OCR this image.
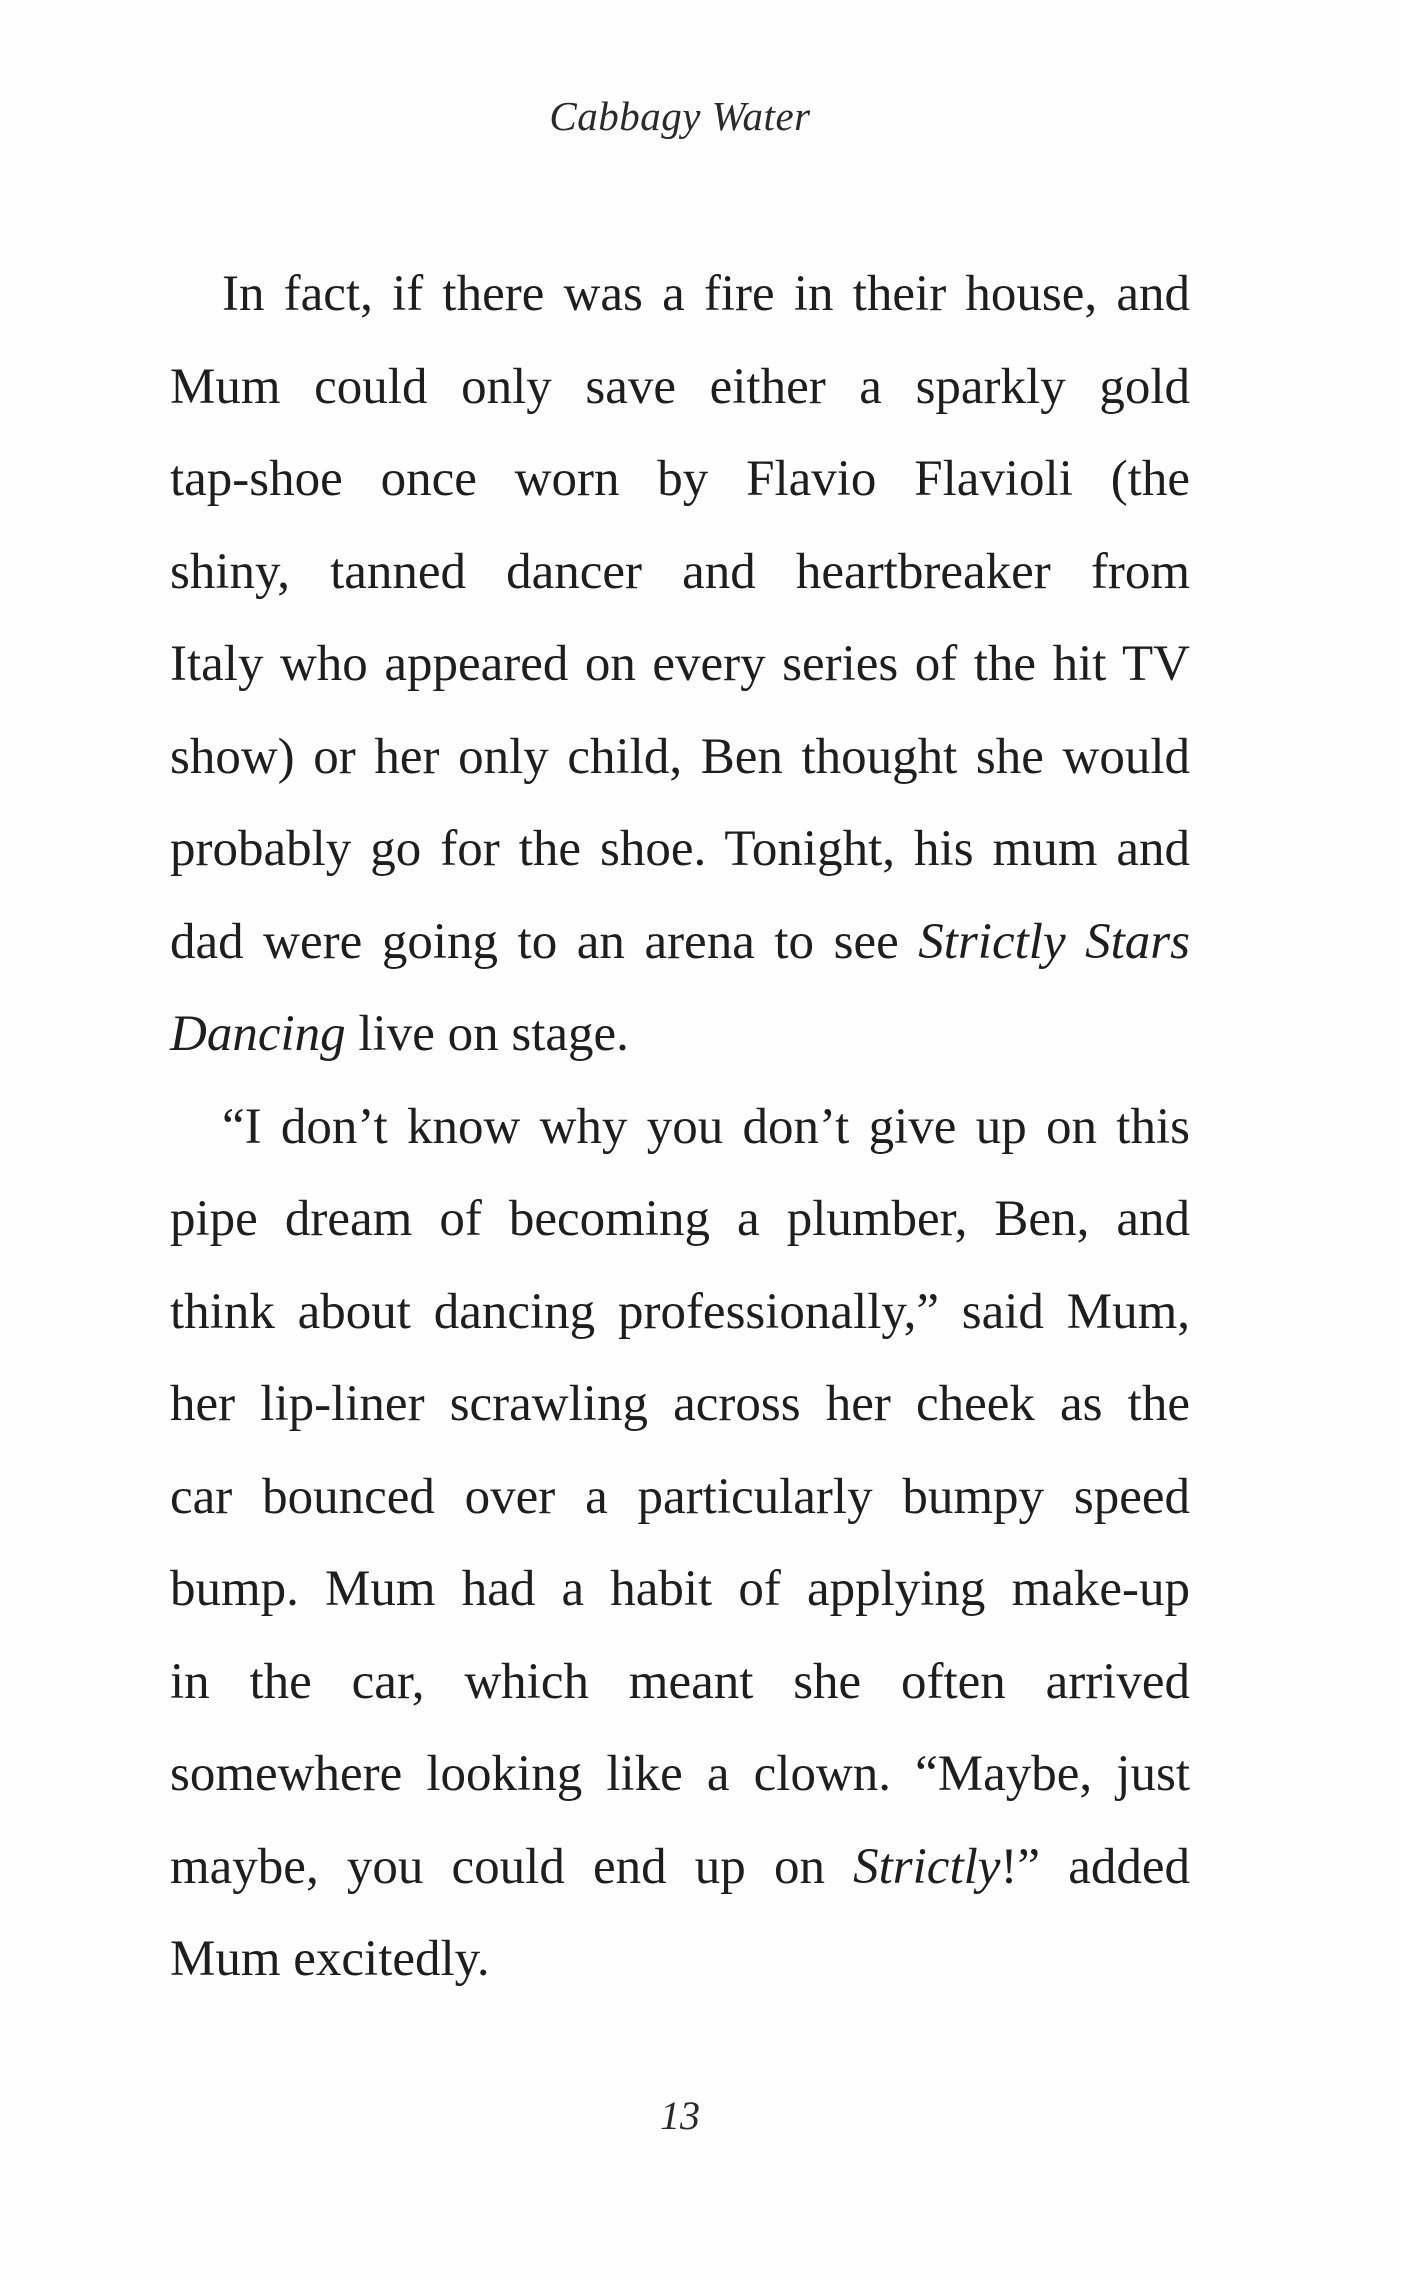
Cabbagy Water
In fact, if there was a fire in their house, and
Mum could only save either a sparkly gold
tap-shoe once worn by Flavio Flavioli (the
shiny, tanned dancer and heartbreaker from
Italy who appeared on every series of the hit TV
show) or her only child, Ben thought she would
probably go for the shoe. Tonight, his mum and
dad were going to an arena to see Strictly Stars
Dancing live on stage.
“I don’t know why you don’t give up on this
pipe dream of becoming a plumber, Ben, and
think about dancing professionally,” said Mum,
her lip-liner scrawling across her cheek as the
car bounced over a particularly bumpy speed
bump. Mum had a habit of applying make-up
in the car, which meant she often arrived
somewhere looking like a clown. “Maybe, just
maybe, you could end up on Strictly!” added
Mum excitedly.
13
